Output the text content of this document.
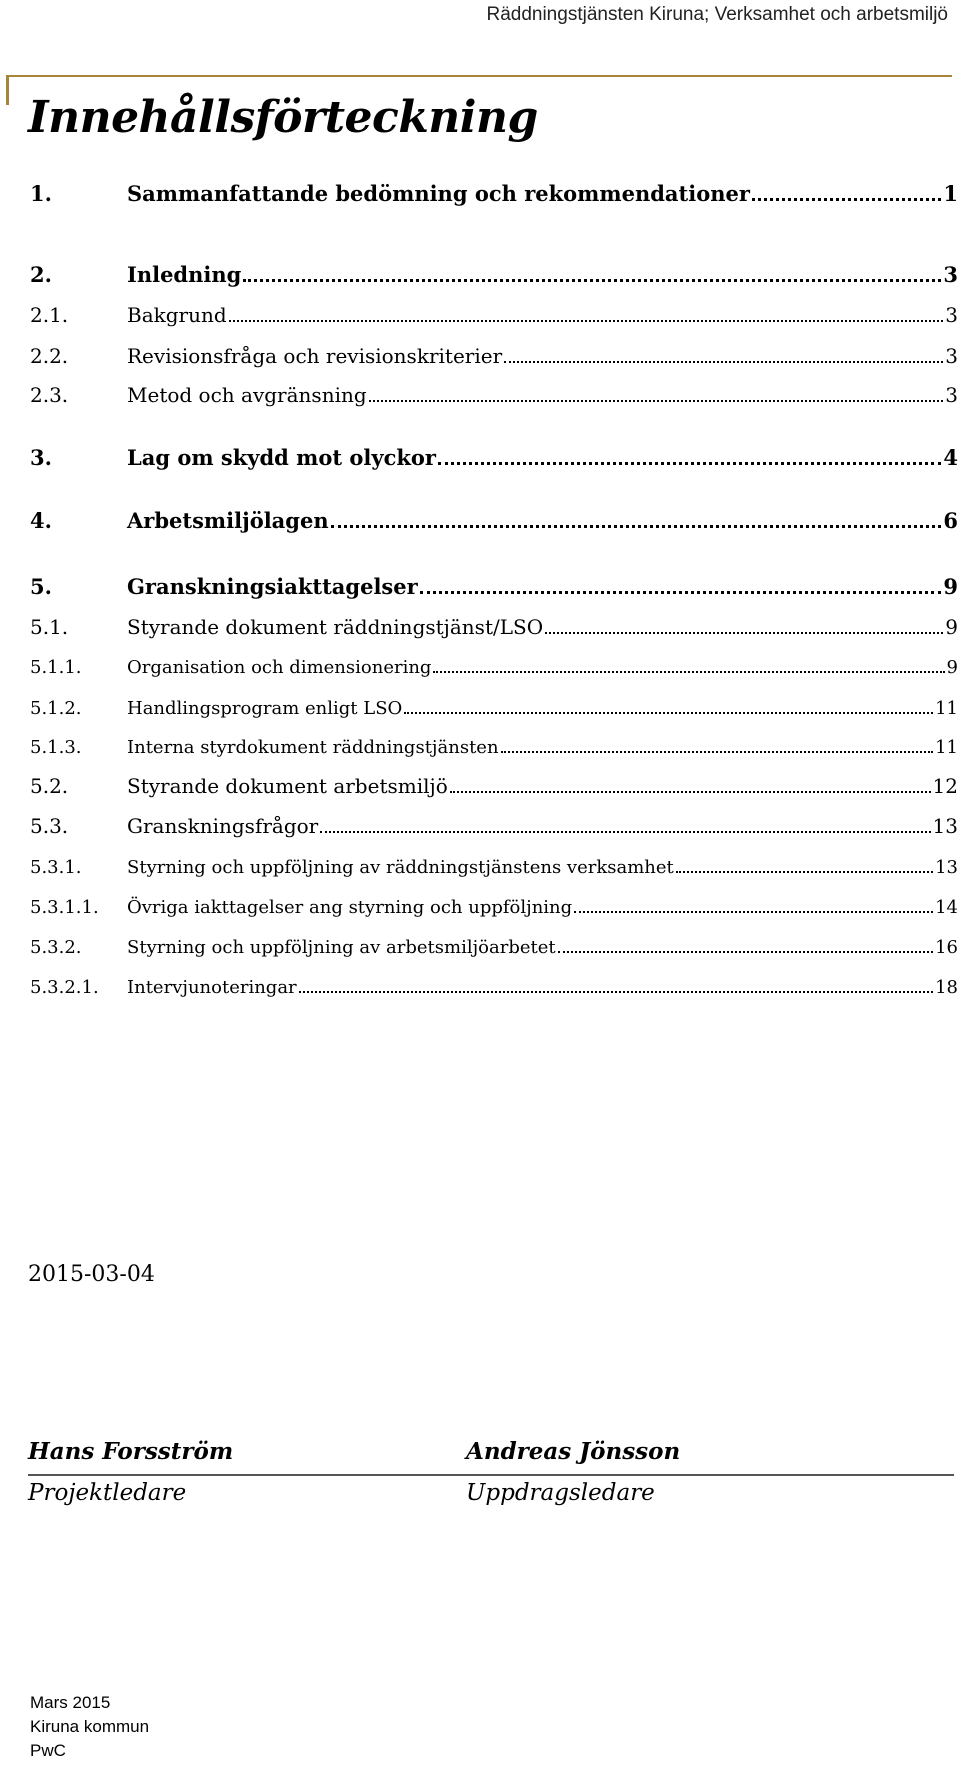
Räddningstjänsten Kiruna; Verksamhet och arbetsmiljö
Innehållsförteckning
1.	Sammanfattande bedömning och rekommendationer	1
2.	Inledning	3
2.1.	Bakgrund	3
2.2.	Revisionsfråga och revisionskriterier	3
2.3.	Metod och avgränsning	3
3.	Lag om skydd mot olyckor	4
4.	Arbetsmiljölagen	6
5.	Granskningsiakttagelser	9
5.1.	Styrande dokument räddningstjänst/LSO	9
5.1.1.	Organisation och dimensionering	9
5.1.2.	Handlingsprogram enligt LSO	11
5.1.3.	Interna styrdokument räddningstjänsten	11
5.2.	Styrande dokument arbetsmiljö	12
5.3.	Granskningsfrågor	13
5.3.1.	Styrning och uppföljning av räddningstjänstens verksamhet	13
5.3.1.1.	Övriga iakttagelser ang styrning och uppföljning	14
5.3.2.	Styrning och uppföljning av arbetsmiljöarbetet	16
5.3.2.1.	Intervjunoteringar	18
2015-03-04
Hans Forsström	Andreas Jönsson
Projektledare	Uppdragsledare
Mars 2015
Kiruna kommun
PwC
